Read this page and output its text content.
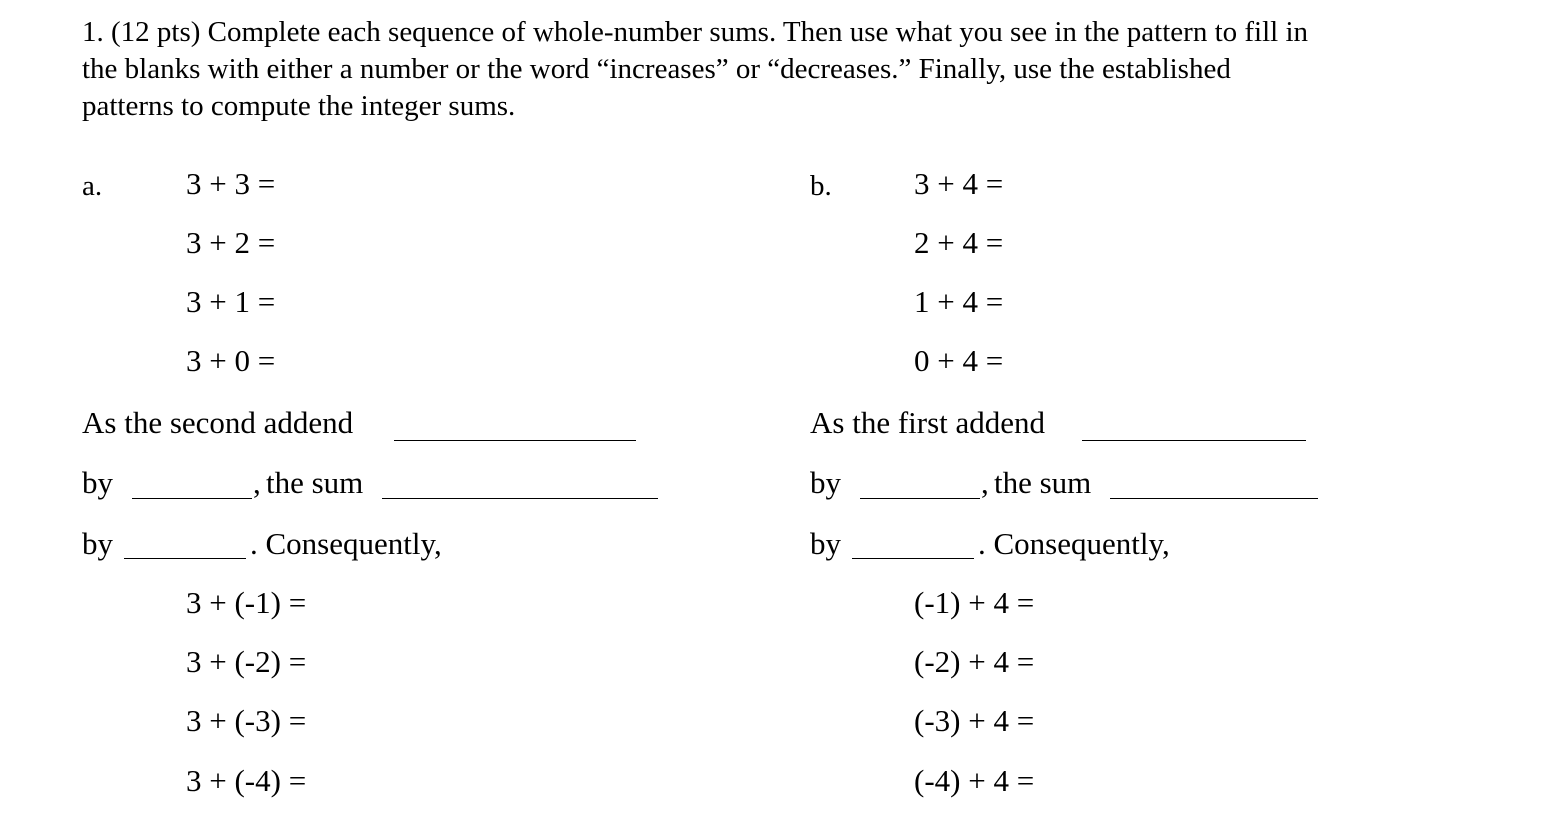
1. (12 pts) Complete each sequence of whole-number sums. Then use what you see in the pattern to fill in
the blanks with either a number or the word “increases” or “decreases.” Finally, use the established
patterns to compute the integer sums.
a.	3 + 3 =
3 + 2 =
3 + 1 =
3 + 0 =
As the second addend
by	, the sum
by	. Consequently,
3 + (-1) =
3 + (-2) =
3 + (-3) =
3 + (-4) =
b.	3 + 4 =
2 + 4 =
1 + 4 =
0 + 4 =
As the first addend
by	, the sum
by	. Consequently,
(-1) + 4 =
(-2) + 4 =
(-3) + 4 =
(-4) + 4 =
